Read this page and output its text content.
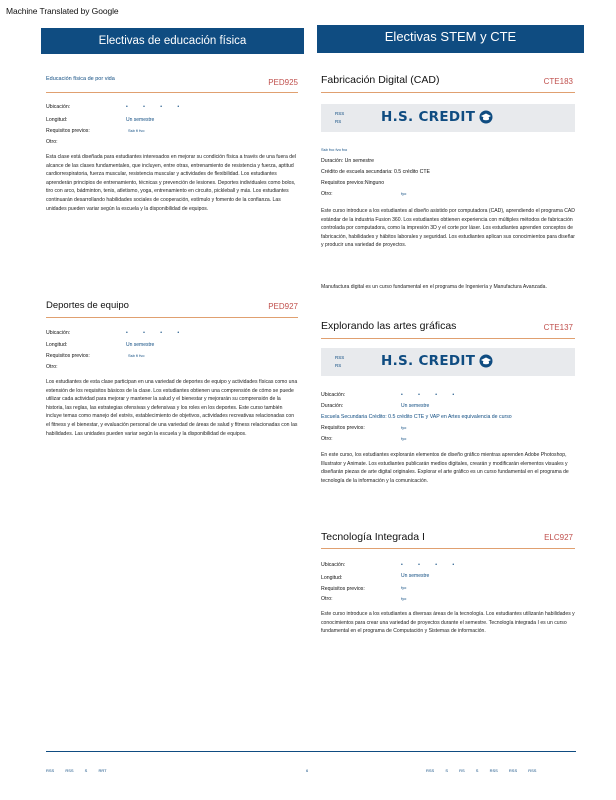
Machine Translated by Google
Electivas de educación física	Electivas STEM y CTE
Educación física de por vida	PED925
Ubicación:	• • • •
Longitud:	Un semestre
Requisitos previos:	Ssb fi fvo
Otro:
Esta clase está diseñada para estudiantes interesados en mejorar su condición física a través de una fuera del alcance de las clases fundamentales, que incluyen, entre otras, entrenamiento de resistencia y fuerza, aptitud cardiorrespiratoria, fuerza muscular, resistencia muscular y actividades de flexibilidad. Los estudiantes aprenderán principios de entrenamiento, técnicas y prevención de lesiones. Deportes individuales como bolos, tiro con arco, bádminton, tenis, atletismo, yoga, entrenamiento en circuito, pickleball y más. Los estudiantes continuarán desarrollando habilidades sociales de cooperación, estímulo y fomento de la confianza. Las unidades pueden variar según la escuela y la disponibilidad de equipos.
Deportes de equipo	PED927
Ubicación:	• • • •
Longitud:	Un semestre
Requisitos previos:	Ssb fi fvo
Otro:
Los estudiantes de esta clase participan en una variedad de deportes de equipo y actividades físicas como una extensión de los requisitos básicos de la clase. Los estudiantes obtienen una comprensión de cómo se puede utilizar cada actividad para mejorar y mantener la salud y el bienestar y mejorarán su comprensión de la historia, las reglas, las estrategias ofensivas y defensivas y los roles en los deportes. Este curso también incluye temas como manejo del estrés, establecimiento de objetivos, actividades recreativas relacionadas con el fitness y el bienestar, y evaluación personal de una variedad de áreas de salud y fitness relacionadas con las habilidades. Las unidades pueden variar según la escuela y la disponibilidad de equipos.
Fabricación Digital (CAD)	CTE183
RSS
RS	H.S. CREDIT
Ssb fvo fvo fvo
Duración: Un semestre
Crédito de escuela secundaria: 0.5 crédito CTE
Requisitos previos:Ninguno
Otro:	fyo
Este curso introduce a los estudiantes al diseño asistido por computadora (CAD), aprendiendo el programa CAD estándar de la industria Fusion 360. Los estudiantes obtienen experiencia con múltiples métodos de fabricación controlada por computadora, como la impresión 3D y el corte por láser. Los estudiantes aprenden conceptos de fabricación, habilidades y hábitos laborales y seguridad. Los estudiantes aplican sus conocimientos para diseñar y producir una variedad de proyectos.
Manufactura digital es un curso fundamental en el programa de Ingeniería y Manufactura Avanzada.
Explorando las artes gráficas	CTE137
RSS
RS	H.S. CREDIT
Ubicación:	• • • •
Duración:	Un semestre
Escuela Secundaria Crédito: 0.5 crédito CTE y VAP en Artes equivalencia de curso
Requisitos previos:	fyo
Otro:	fyo
En este curso, los estudiantes explorarán elementos de diseño gráfico mientras aprenden Adobe Photoshop, Illustrator y Animate. Los estudiantes publicarán medios digitales, crearán y modificarán elementos visuales y diseñarán piezas de arte digital originales. Explorar el arte gráfico es un curso fundamental en el programa de tecnología de la información y la comunicación.
Tecnología Integrada I	ELC927
Ubicación:	• • • •
Longitud:	Un semestre
Requisitos previos:	fyo
Otro:	fyo
Este curso introduce a los estudiantes a diversas áreas de la tecnología. Los estudiantes utilizarán habilidades y conocimientos para crear una variedad de proyectos durante el semestre. Tecnología integrada I es un curso fundamental en el programa de Computación y Sistemas de información.
RSS RSS S RRT	6	RSS S RS S RSS RSS RSS
